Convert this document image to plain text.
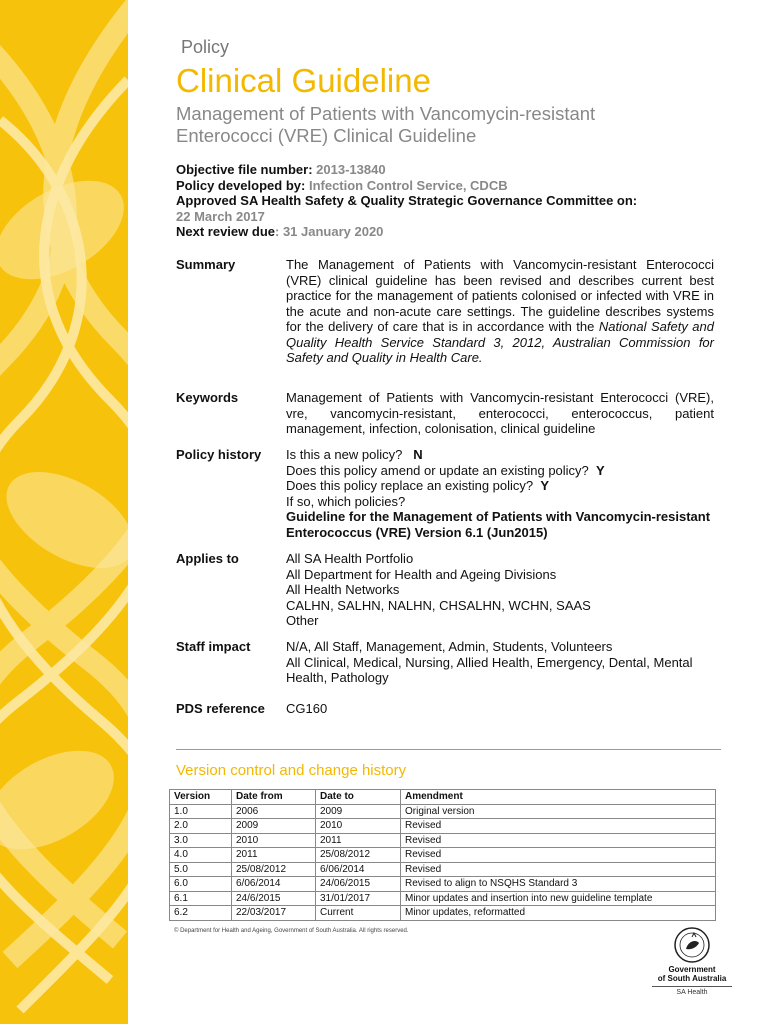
Policy
Clinical Guideline
Management of Patients with Vancomycin-resistant Enterococci (VRE) Clinical Guideline
Objective file number: 2013-13840
Policy developed by: Infection Control Service, CDCB
Approved SA Health Safety & Quality Strategic Governance Committee on:
22 March 2017
Next review due: 31 January 2020
Summary	The Management of Patients with Vancomycin-resistant Enterococci (VRE) clinical guideline has been revised and describes current best practice for the management of patients colonised or infected with VRE in the acute and non-acute care settings. The guideline describes systems for the delivery of care that is in accordance with the National Safety and Quality Health Service Standard 3, 2012, Australian Commission for Safety and Quality in Health Care.
Keywords	Management of Patients with Vancomycin-resistant Enterococci (VRE), vre, vancomycin-resistant, enterococci, enterococcus, patient management, infection, colonisation, clinical guideline
Policy history	Is this a new policy? N
Does this policy amend or update an existing policy? Y
Does this policy replace an existing policy? Y
If so, which policies?
Guideline for the Management of Patients with Vancomycin-resistant Enterococcus (VRE) Version 6.1 (Jun2015)
Applies to	All SA Health Portfolio
All Department for Health and Ageing Divisions
All Health Networks
CALHN, SALHN, NALHN, CHSALHN, WCHN, SAAS
Other
Staff impact	N/A, All Staff, Management, Admin, Students, Volunteers
All Clinical, Medical, Nursing, Allied Health, Emergency, Dental, Mental Health, Pathology
PDS reference	CG160
Version control and change history
Version	Date from	Date to	Amendment
1.0	2006	2009	Original version
2.0	2009	2010	Revised
3.0	2010	2011	Revised
4.0	2011	25/08/2012	Revised
5.0	25/08/2012	6/06/2014	Revised
6.0	6/06/2014	24/06/2015	Revised to align to NSQHS Standard 3
6.1	24/6/2015	31/01/2017	Minor updates and insertion into new guideline template
6.2	22/03/2017	Current	Minor updates, reformatted
© Department for Health and Ageing, Government of South Australia. All rights reserved.
Government
of South Australia
SA Health
